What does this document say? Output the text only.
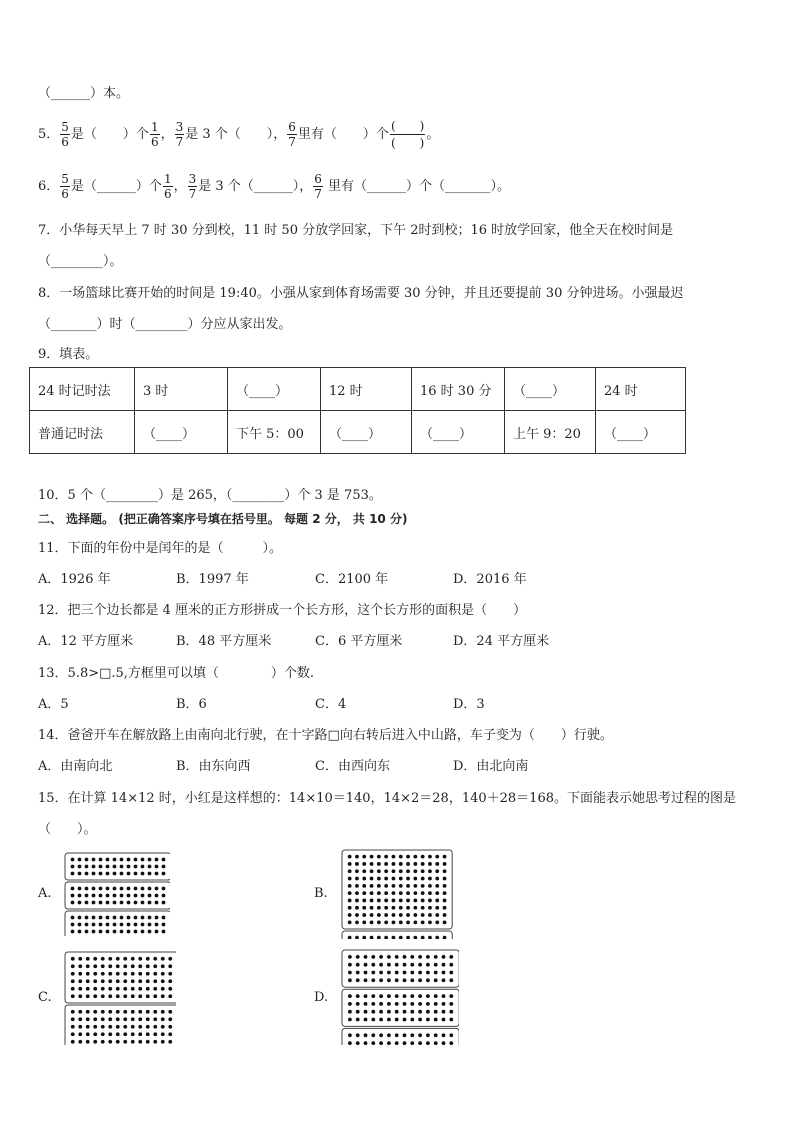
（______）本。
5． $\frac{5}{6}$ 是（　　）个 $\frac{1}{6}$ ， $\frac{3}{7}$ 是 3 个（　　）， $\frac{6}{7}$ 里有（　　）个 $\frac{( )}{( )}$ 。
6． $\frac{5}{6}$ 是（______）个 $\frac{1}{6}$ ， $\frac{3}{7}$ 是 3 个（______）， $\frac{6}{7}$ 里有（______）个（_______）。
7．小华每天早上 7 时 30 分到校，11 时 50 分放学回家，下午 2时到校；16 时放学回家，他全天在校时间是
（________）。
8．一场篮球比赛开始的时间是 19:40。小强从家到体育场需要 30 分钟，并且还要提前 30 分钟进场。小强最迟
（_______）时（________）分应从家出发。
9．填表。
24 时记时法	3 时	（____）	12 时	16 时 30 分	（____）	24 时
普通记时法	（____）	下午 5：00	（____）	（____）	上午 9：20	（____）
10．5 个（________）是 265，（________）个 3 是 753。
二、 选择题。 (把正确答案序号填在括号里。 每题 2 分， 共 10 分)
11．下面的年份中是闰年的是（　　　）。
A．1926 年	B．1997 年	C．2100 年	D．2016 年
12．把三个边长都是 4 厘米的正方形拼成一个长方形，这个长方形的面积是（　　）
A．12 平方厘米	B．48 平方厘米	C．6 平方厘米	D．24 平方厘米
13．5.8>□.5,方框里可以填（　　　　）个数.
A．5	B．6	C．4	D．3
14．爸爸开车在解放路上由南向北行驶，在十字路□向右转后进入中山路，车子变为（　　）行驶。
A．由南向北	B．由东向西	C．由西向东	D．由北向南
15．在计算 14×12 时，小红是这样想的：14×10＝140，14×2＝28，140＋28＝168。下面能表示她思考过程的图是
（　　）。
A.	B.
C.	D.
